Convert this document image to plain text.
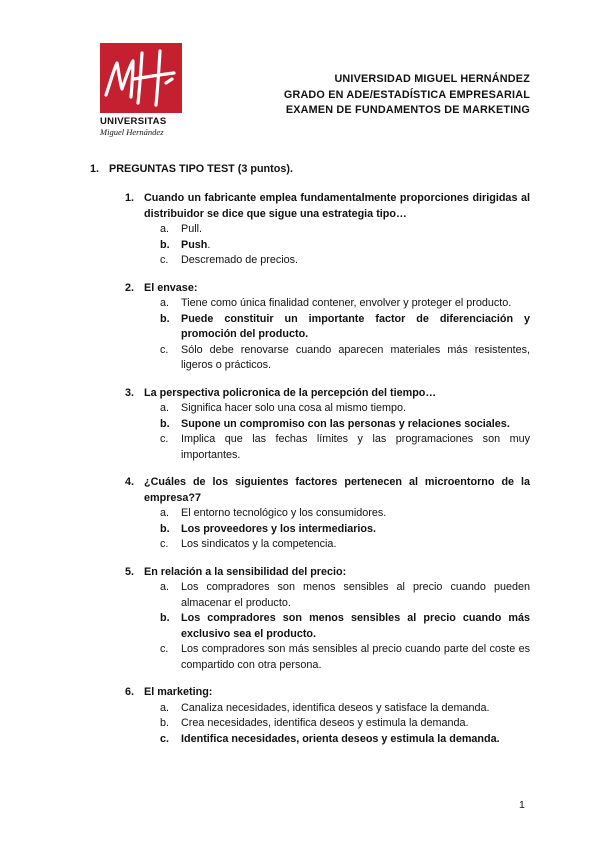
UNIVERSITAS
Miguel Hernández
UNIVERSIDAD MIGUEL HERNÁNDEZ
GRADO EN ADE/ESTADÍSTICA EMPRESARIAL
EXAMEN DE FUNDAMENTOS DE MARKETING
1. PREGUNTAS TIPO TEST (3 puntos).
1. Cuando un fabricante emplea fundamentalmente proporciones dirigidas al distribuidor se dice que sigue una estrategia tipo…
a.	Pull.
b.	Push.
c.	Descremado de precios.
2. El envase:
a.	Tiene como única finalidad contener, envolver y proteger el producto.
b.	Puede constituir un importante factor de diferenciación y promoción del producto.
c.	Sólo debe renovarse cuando aparecen materiales más resistentes, ligeros o prácticos.
3. La perspectiva policronica de la percepción del tiempo…
a.	Significa hacer solo una cosa al mismo tiempo.
b.	Supone un compromiso con las personas y relaciones sociales.
c.	Implica que las fechas límites y las programaciones son muy importantes.
4. ¿Cuáles de los siguientes factores pertenecen al microentorno de la empresa?7
a.	El entorno tecnológico y los consumidores.
b.	Los proveedores y los intermediarios.
c.	Los sindicatos y la competencia.
5. En relación a la sensibilidad del precio:
a.	Los compradores son menos sensibles al precio cuando pueden almacenar el producto.
b.	Los compradores son menos sensibles al precio cuando más exclusivo sea el producto.
c.	Los compradores son más sensibles al precio cuando parte del coste es compartido con otra persona.
6. El marketing:
a.	Canaliza necesidades, identifica deseos y satisface la demanda.
b.	Crea necesidades, identifica deseos y estimula la demanda.
c.	Identifica necesidades, orienta deseos y estimula la demanda.
1
